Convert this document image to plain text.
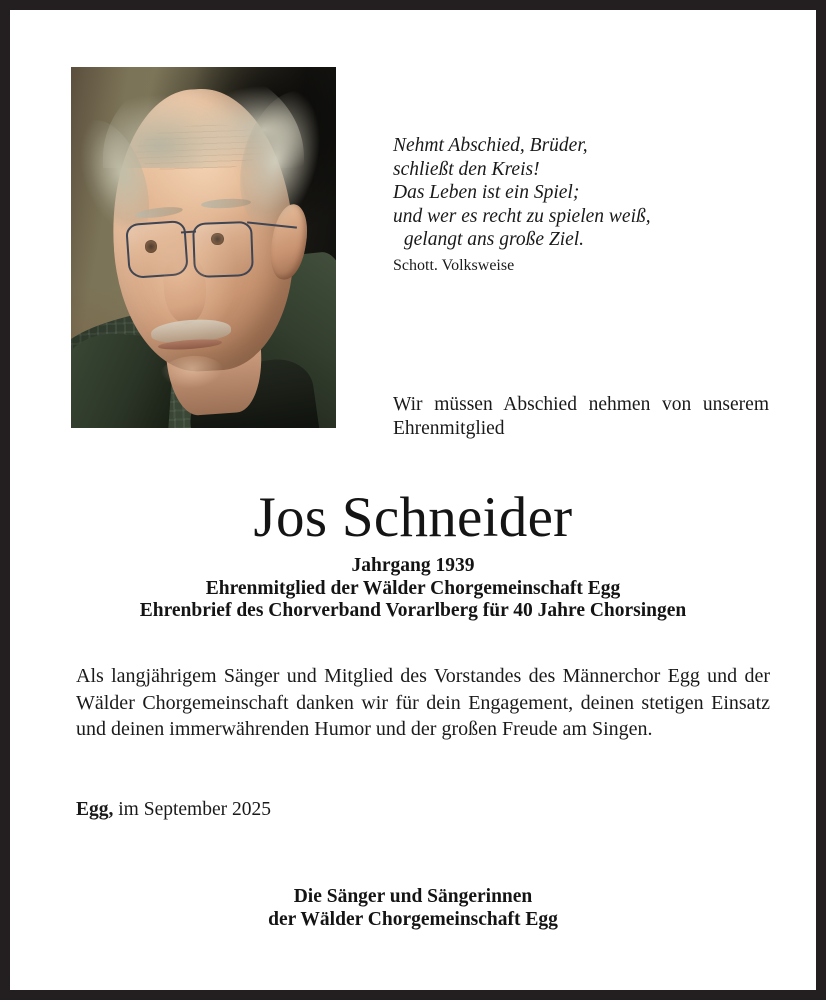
Nehmt Abschied, Brüder,
schließt den Kreis!
Das Leben ist ein Spiel;
und wer es recht zu spielen weiß,
gelangt ans große Ziel.
Schott. Volksweise
Wir müssen Abschied nehmen von unserem Ehrenmitglied
Jos Schneider
Jahrgang 1939
Ehrenmitglied der Wälder Chorgemeinschaft Egg
Ehrenbrief des Chorverband Vorarlberg für 40 Jahre Chorsingen
Als langjährigem Sänger und Mitglied des Vorstandes des Männerchor Egg und der Wälder Chorgemeinschaft danken wir für dein Engagement, deinen stetigen Einsatz und deinen immerwährenden Humor und der großen Freude am Singen.
Egg, im September 2025
Die Sänger und Sängerinnen
der Wälder Chorgemeinschaft Egg
